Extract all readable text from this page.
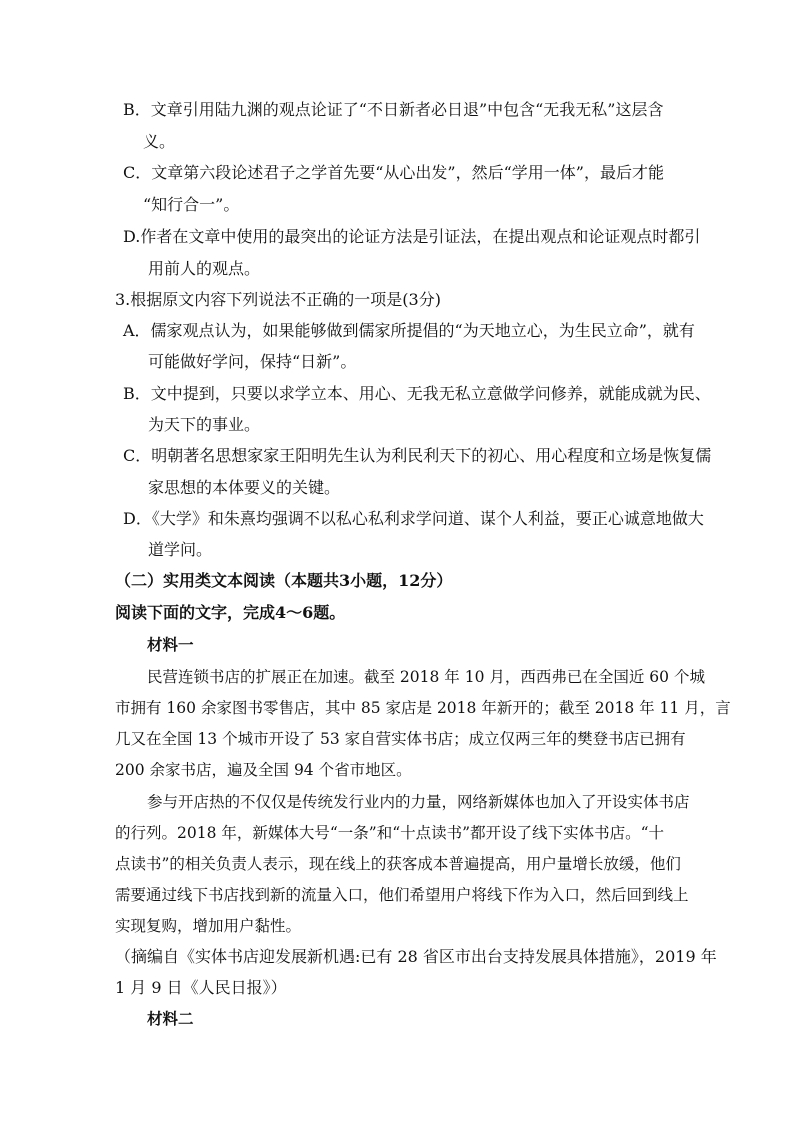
B．文章引用陆九渊的观点论证了“不日新者必日退”中包含“无我无私”这层含
义。
C．文章第六段论述君子之学首先要“从心出发”，然后“学用一体”，最后才能
“知行合一”。
D.作者在文章中使用的最突出的论证方法是引证法，在提出观点和论证观点时都引
用前人的观点。
3.根据原文内容下列说法不正确的一项是(3分)
A．儒家观点认为，如果能够做到儒家所提倡的“为天地立心，为生民立命”，就有
可能做好学问，保持“日新”。
B．文中提到，只要以求学立本、用心、无我无私立意做学问修养，就能成就为民、
为天下的事业。
C．明朝著名思想家家王阳明先生认为利民利天下的初心、用心程度和立场是恢复儒
家思想的本体要义的关键。
D．《大学》和朱熹均强调不以私心私利求学问道、谋个人利益，要正心诚意地做大
道学问。
（二）实用类文本阅读（本题共3小题，12分）
阅读下面的文字，完成4～6题。
材料一
民营连锁书店的扩展正在加速。截至 2018 年 10 月，西西弗已在全国近 60 个城
市拥有 160 余家图书零售店，其中 85 家店是 2018 年新开的；截至 2018 年 11 月，言
几又在全国 13 个城市开设了 53 家自营实体书店；成立仅两三年的樊登书店已拥有
200 余家书店，遍及全国 94 个省市地区。
参与开店热的不仅仅是传统发行业内的力量，网络新媒体也加入了开设实体书店
的行列。2018 年，新媒体大号“一条”和“十点读书”都开设了线下实体书店。“十
点读书”的相关负责人表示，现在线上的获客成本普遍提高，用户量增长放缓，他们
需要通过线下书店找到新的流量入口，他们希望用户将线下作为入口，然后回到线上
实现复购，增加用户黏性。
（摘编自《实体书店迎发展新机遇:已有 28 省区市出台支持发展具体措施》，2019 年
1 月 9 日《人民日报》）
材料二
